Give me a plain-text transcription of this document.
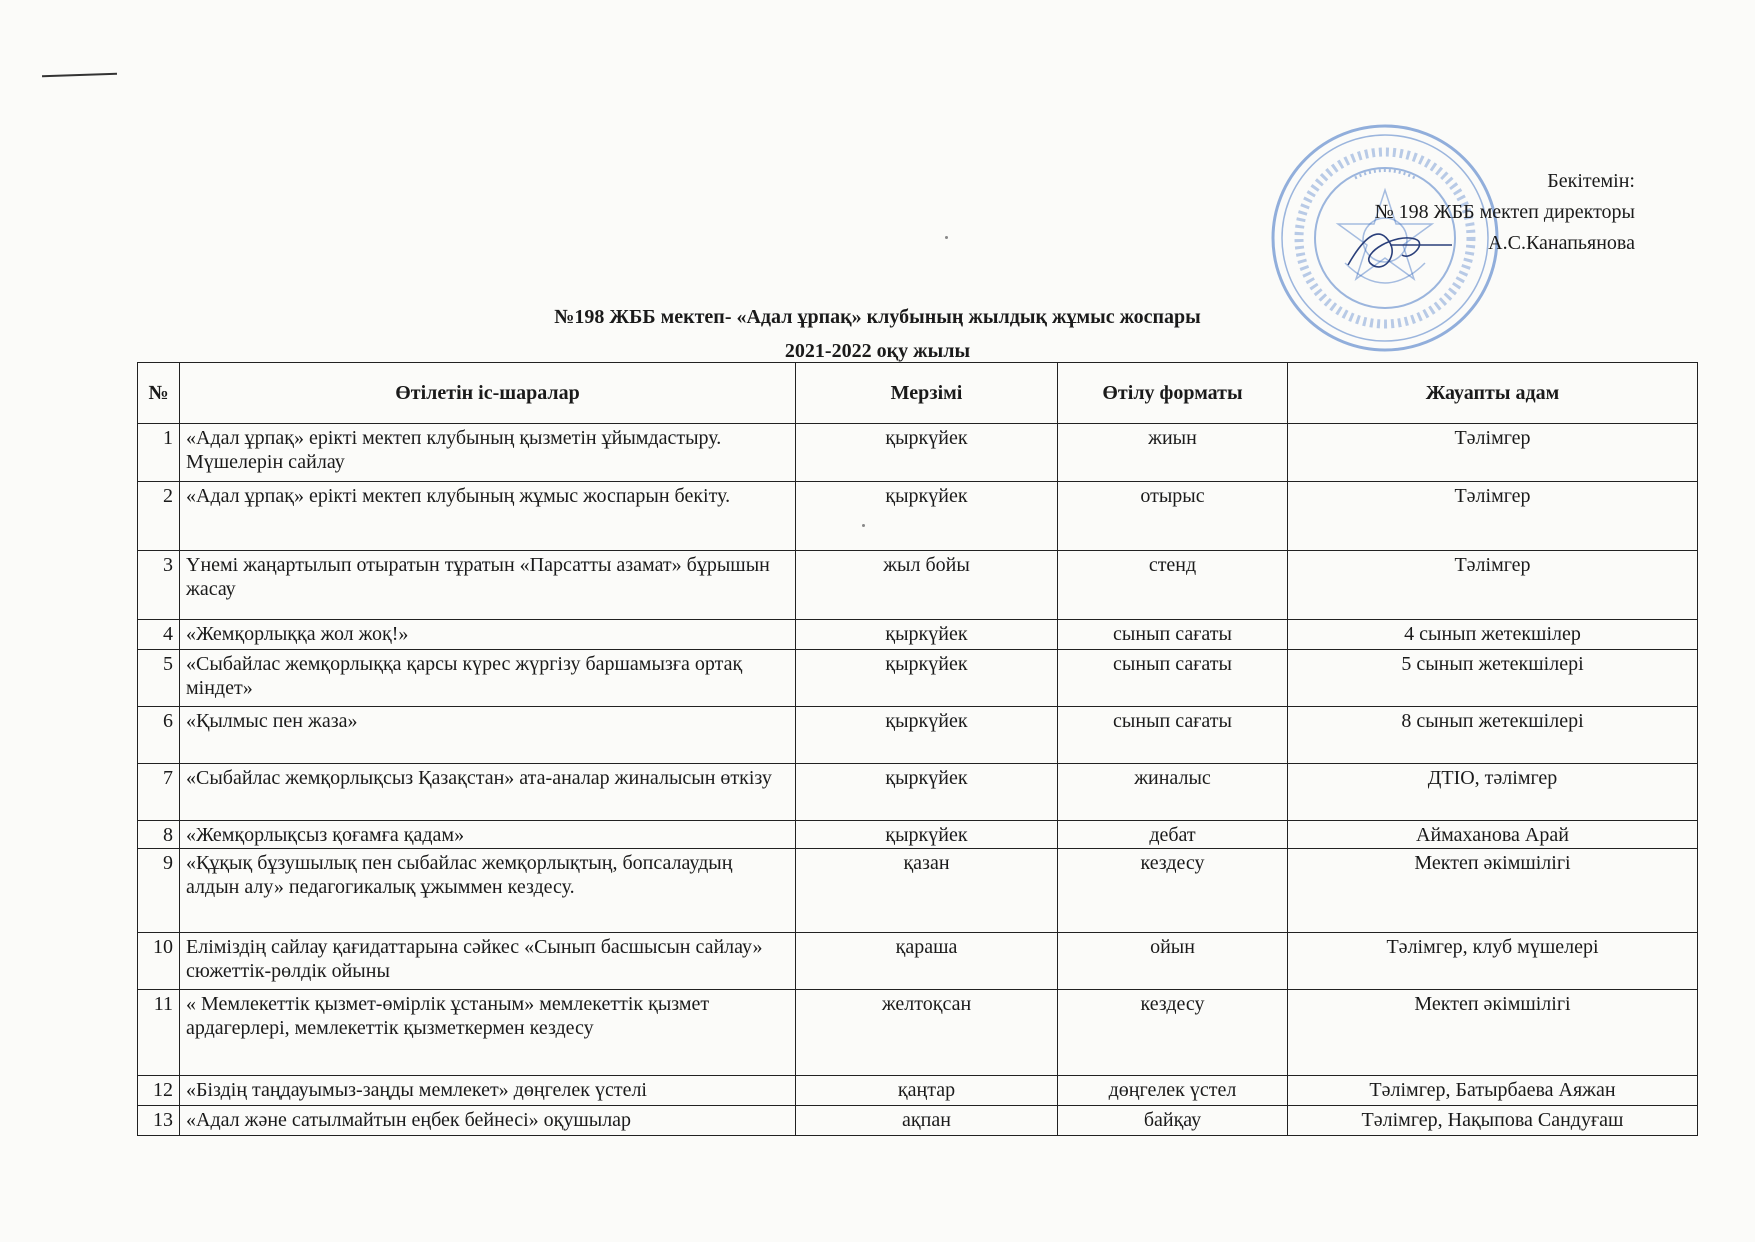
Бекітемін:
№ 198 ЖББ мектеп директоры
А.С.Канапьянова
№198 ЖББ мектеп- «Адал ұрпақ» клубының жылдық жұмыс жоспары
2021-2022 оқу жылы
№	Өтілетін іс-шаралар	Мерзімі	Өтілу форматы	Жауапты адам
1	«Адал ұрпақ» ерікті мектеп клубының қызметін ұйымдастыру. Мүшелерін сайлау	қыркүйек	жиын	Тәлімгер
2	«Адал ұрпақ» ерікті мектеп клубының жұмыс жоспарын бекіту.	қыркүйек	отырыс	Тәлімгер
3	Үнемі жаңартылып отыратын тұратын «Парсатты азамат» бұрышын жасау	жыл бойы	стенд	Тәлімгер
4	«Жемқорлыққа жол жоқ!»	қыркүйек	сынып сағаты	4 сынып жетекшілер
5	«Сыбайлас жемқорлыққа қарсы күрес жүргізу баршамызға ортақ міндет»	қыркүйек	сынып сағаты	5 сынып жетекшілері
6	«Қылмыс пен жаза»	қыркүйек	сынып сағаты	8 сынып жетекшілері
7	«Сыбайлас жемқорлықсыз Қазақстан» ата-аналар жиналысын өткізу	қыркүйек	жиналыс	ДТІО, тәлімгер
8	«Жемқорлықсыз қоғамға қадам»	қыркүйек	дебат	Аймаханова Арай
9	«Құқық бұзушылық пен сыбайлас жемқорлықтың, бопсалаудың алдын алу» педагогикалық ұжыммен кездесу.	қазан	кездесу	Мектеп әкімшілігі
10	Еліміздің сайлау қағидаттарына сәйкес «Сынып басшысын сайлау» сюжеттік-рөлдік ойыны	қараша	ойын	Тәлімгер, клуб мүшелері
11	« Мемлекеттік қызмет-өмірлік ұстаным» мемлекеттік қызмет ардагерлері, мемлекеттік қызметкермен кездесу	желтоқсан	кездесу	Мектеп әкімшілігі
12	«Біздің таңдауымыз-заңды мемлекет» дөңгелек үстелі	қаңтар	дөңгелек үстел	Тәлімгер, Батырбаева Аяжан
13	«Адал және сатылмайтын еңбек бейнесі» оқушылар	ақпан	байқау	Тәлімгер, Нақыпова Сандуғаш
